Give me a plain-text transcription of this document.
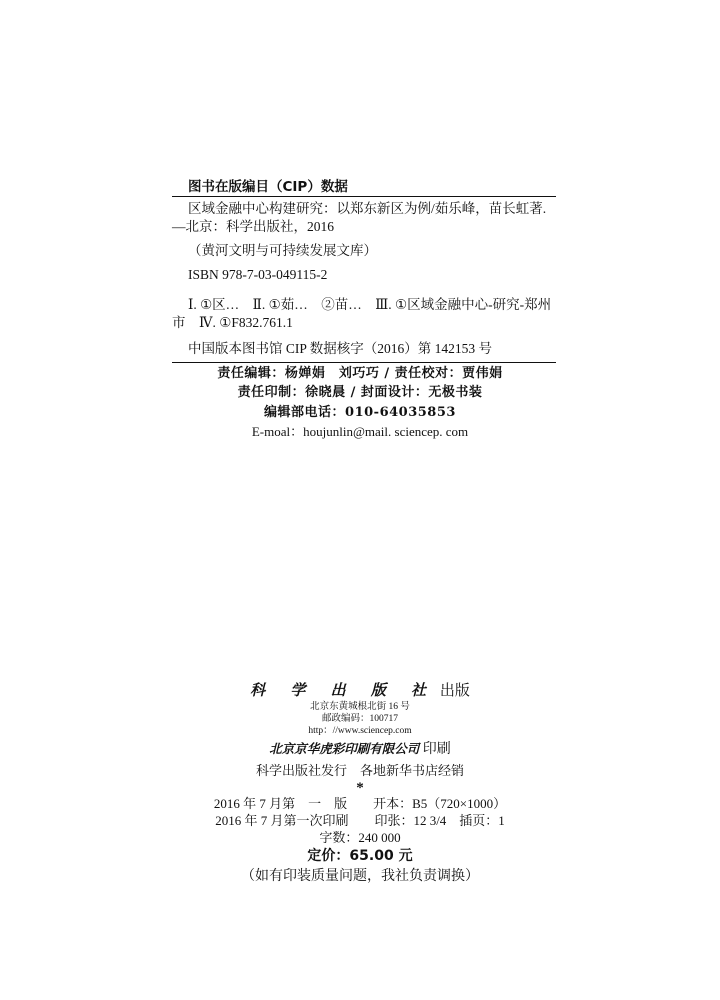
图书在版编目（CIP）数据

区域金融中心构建研究：以郑东新区为例/茹乐峰，苗长虹著. —北京：科学出版社，2016

（黄河文明与可持续发展文库）

ISBN 978-7-03-049115-2

Ⅰ. ①区…　Ⅱ. ①茹…　②苗…　Ⅲ. ①区域金融中心-研究-郑州市　Ⅳ. ①F832.761.1

中国版本图书馆 CIP 数据核字（2016）第 142153 号

责任编辑：杨婵娟　刘巧巧 / 责任校对：贾伟娟
责任印制：徐晓晨 / 封面设计：无极书装
编辑部电话：010-64035853
E-moal：houjunlin@mail. sciencep. com
科 学 出 版 社 出版
北京东黄城根北街 16 号
邮政编码：100717
http：//www.sciencep.com
北京京华虎彩印刷有限公司 印刷
科学出版社发行　各地新华书店经销
*
2016 年 7 月第　一　版　　开本：B5（720×1000）
2016 年 7 月第一次印刷　　印张：12 3/4　插页：1
字数：240 000
定价：65.00 元
（如有印装质量问题，我社负责调换）
